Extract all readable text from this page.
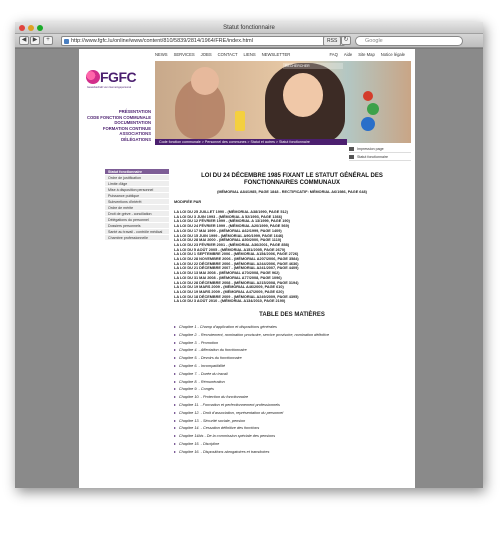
Statut fonctionnaire
◀	▶	+	http://www.fgfc.lu/online/www/content/810/5839/2814/1964/FRE/index.html	RSS	↻	Google
NEWS SERVICES JOBS CONTACT LIENS NEWSLETTER	FAQ Aide Site Map Notice légale
FGFC
Gewerkschaft vom Gemeingepersonal
PRÉSENTATION
CODE FONCTION COMMUNALE
DOCUMENTATION
FORMATION CONTINUE
ASSOCIATIONS
DÉLÉGATIONS
RECHERCHER
Code fonction communale > Personnel des communes > Statut et autres > Statut fonctionnaire
Impression page
Statut fonctionnaire
Statut fonctionnaire
Ordre de justification
Limite d'âge
Mise à disposition personnel
Puissance publique
Subventions d'intérêt
Ordre de mérite
Droit de grève - conciliation
Délégations du personnel
Dossiers personnels
Santé au travail - contrôle médical
Chambre professionnelle
LOI DU 24 DÉCEMBRE 1985 FIXANT LE STATUT GÉNÉRAL DES FONCTIONNAIRES COMMUNAUX
(MÉMORIAL A84/1985, PAGE 1848 - RECTIFICATIF: MÉMORIAL A6/1986, PAGE 648)
MODIFIÉE PAR
LA LOI DU 25 JUILLET 1990 - (MÉMORIAL A38/1990, PAGE 512)
LA LOI DU 3 JUIN 1993 - (MÉMORIAL A 52/1993, PAGE 1366)
LA LOI DU 12 FÉVRIER 1999 - (MÉMORIAL A 13/1999, PAGE 190)
LA LOI DU 24 FÉVRIER 1999 - (MÉMORIAL A20/1999, PAGE 569)
LA LOI DU 17 MAI 1999 - (MÉMORIAL A62/1999, PAGE 1409)
LA LOI DU 15 JUIN 1999 - (MÉMORIAL A90/1999, PAGE 1646)
LA LOI DU 28 MAI 2000 - (MÉMORIAL A50/2000, PAGE 1110)
LA LOI DU 23 FÉVRIER 2001 - (MÉMORIAL A36/2001, PAGE 858)
LA LOI DU 5 AOÛT 2005 - (MÉMORIAL A151/2005, PAGE 2670)
LA LOI DU 1 SEPTEMBRE 2006 - (MÉMORIAL A154/2006, PAGE 2726)
LA LOI DU 28 NOVEMBRE 2006 - (MÉMORIAL A207/2006, PAGE 3584)
LA LOI DU 22 DÉCEMBRE 2006 - (MÉMORIAL A244/2006, PAGE 4636)
LA LOI DU 21 DÉCEMBRE 2007 - (MÉMORIAL A241/2007, PAGE 4409)
LA LOI DU 13 MAI 2008 - (MÉMORIAL A70/2008, PAGE 962)
LA LOI DU 31 MAI 2008 - (MÉMORIAL A77/2008, PAGE 1096)
LA LOI DU 28 DÉCEMBRE 2008 - (MÉMORIAL A215/2008, PAGE 3194)
LA LOI DU 19 MARS 2009 - (MÉMORIAL A46/2009, PAGE 610)
LA LOI DU 19 MARS 2009 - (MÉMORIAL A47/2009, PAGE 620)
LA LOI DU 18 DÉCEMBRE 2009 - (MÉMORIAL A249/2009, PAGE 4395)
LA LOI DU 3 AOÛT 2010 - (MÉMORIAL A134/2010, PAGE 2190)
TABLE DES MATIÈRES
▸ Chapitre 1 - Champ d'application et dispositions générales
▸ Chapitre 2. - Recrutement, nomination provisoire, service provisoire, nomination définitive
▸ Chapitre 3. - Promotion
▸ Chapitre 4. - Affectation du fonctionnaire
▸ Chapitre 5. - Devoirs du fonctionnaire
▸ Chapitre 6. - Incompatibilité
▸ Chapitre 7. - Durée du travail
▸ Chapitre 8. - Rémunération
▸ Chapitre 9. - Congés
▸ Chapitre 10. - Protection du fonctionnaire
▸ Chapitre 11. - Formation et perfectionnement professionnels
▸ Chapitre 12. - Droit d'association, représentation du personnel
▸ Chapitre 13. - Sécurité sociale, pension
▸ Chapitre 14. - Cessation définitive des fonctions
▸ Chapitre 14bis - De la commission spéciale des pensions
▸ Chapitre 15. - Discipline
▸ Chapitre 16. - Dispositions abrogatoires et transitoires
